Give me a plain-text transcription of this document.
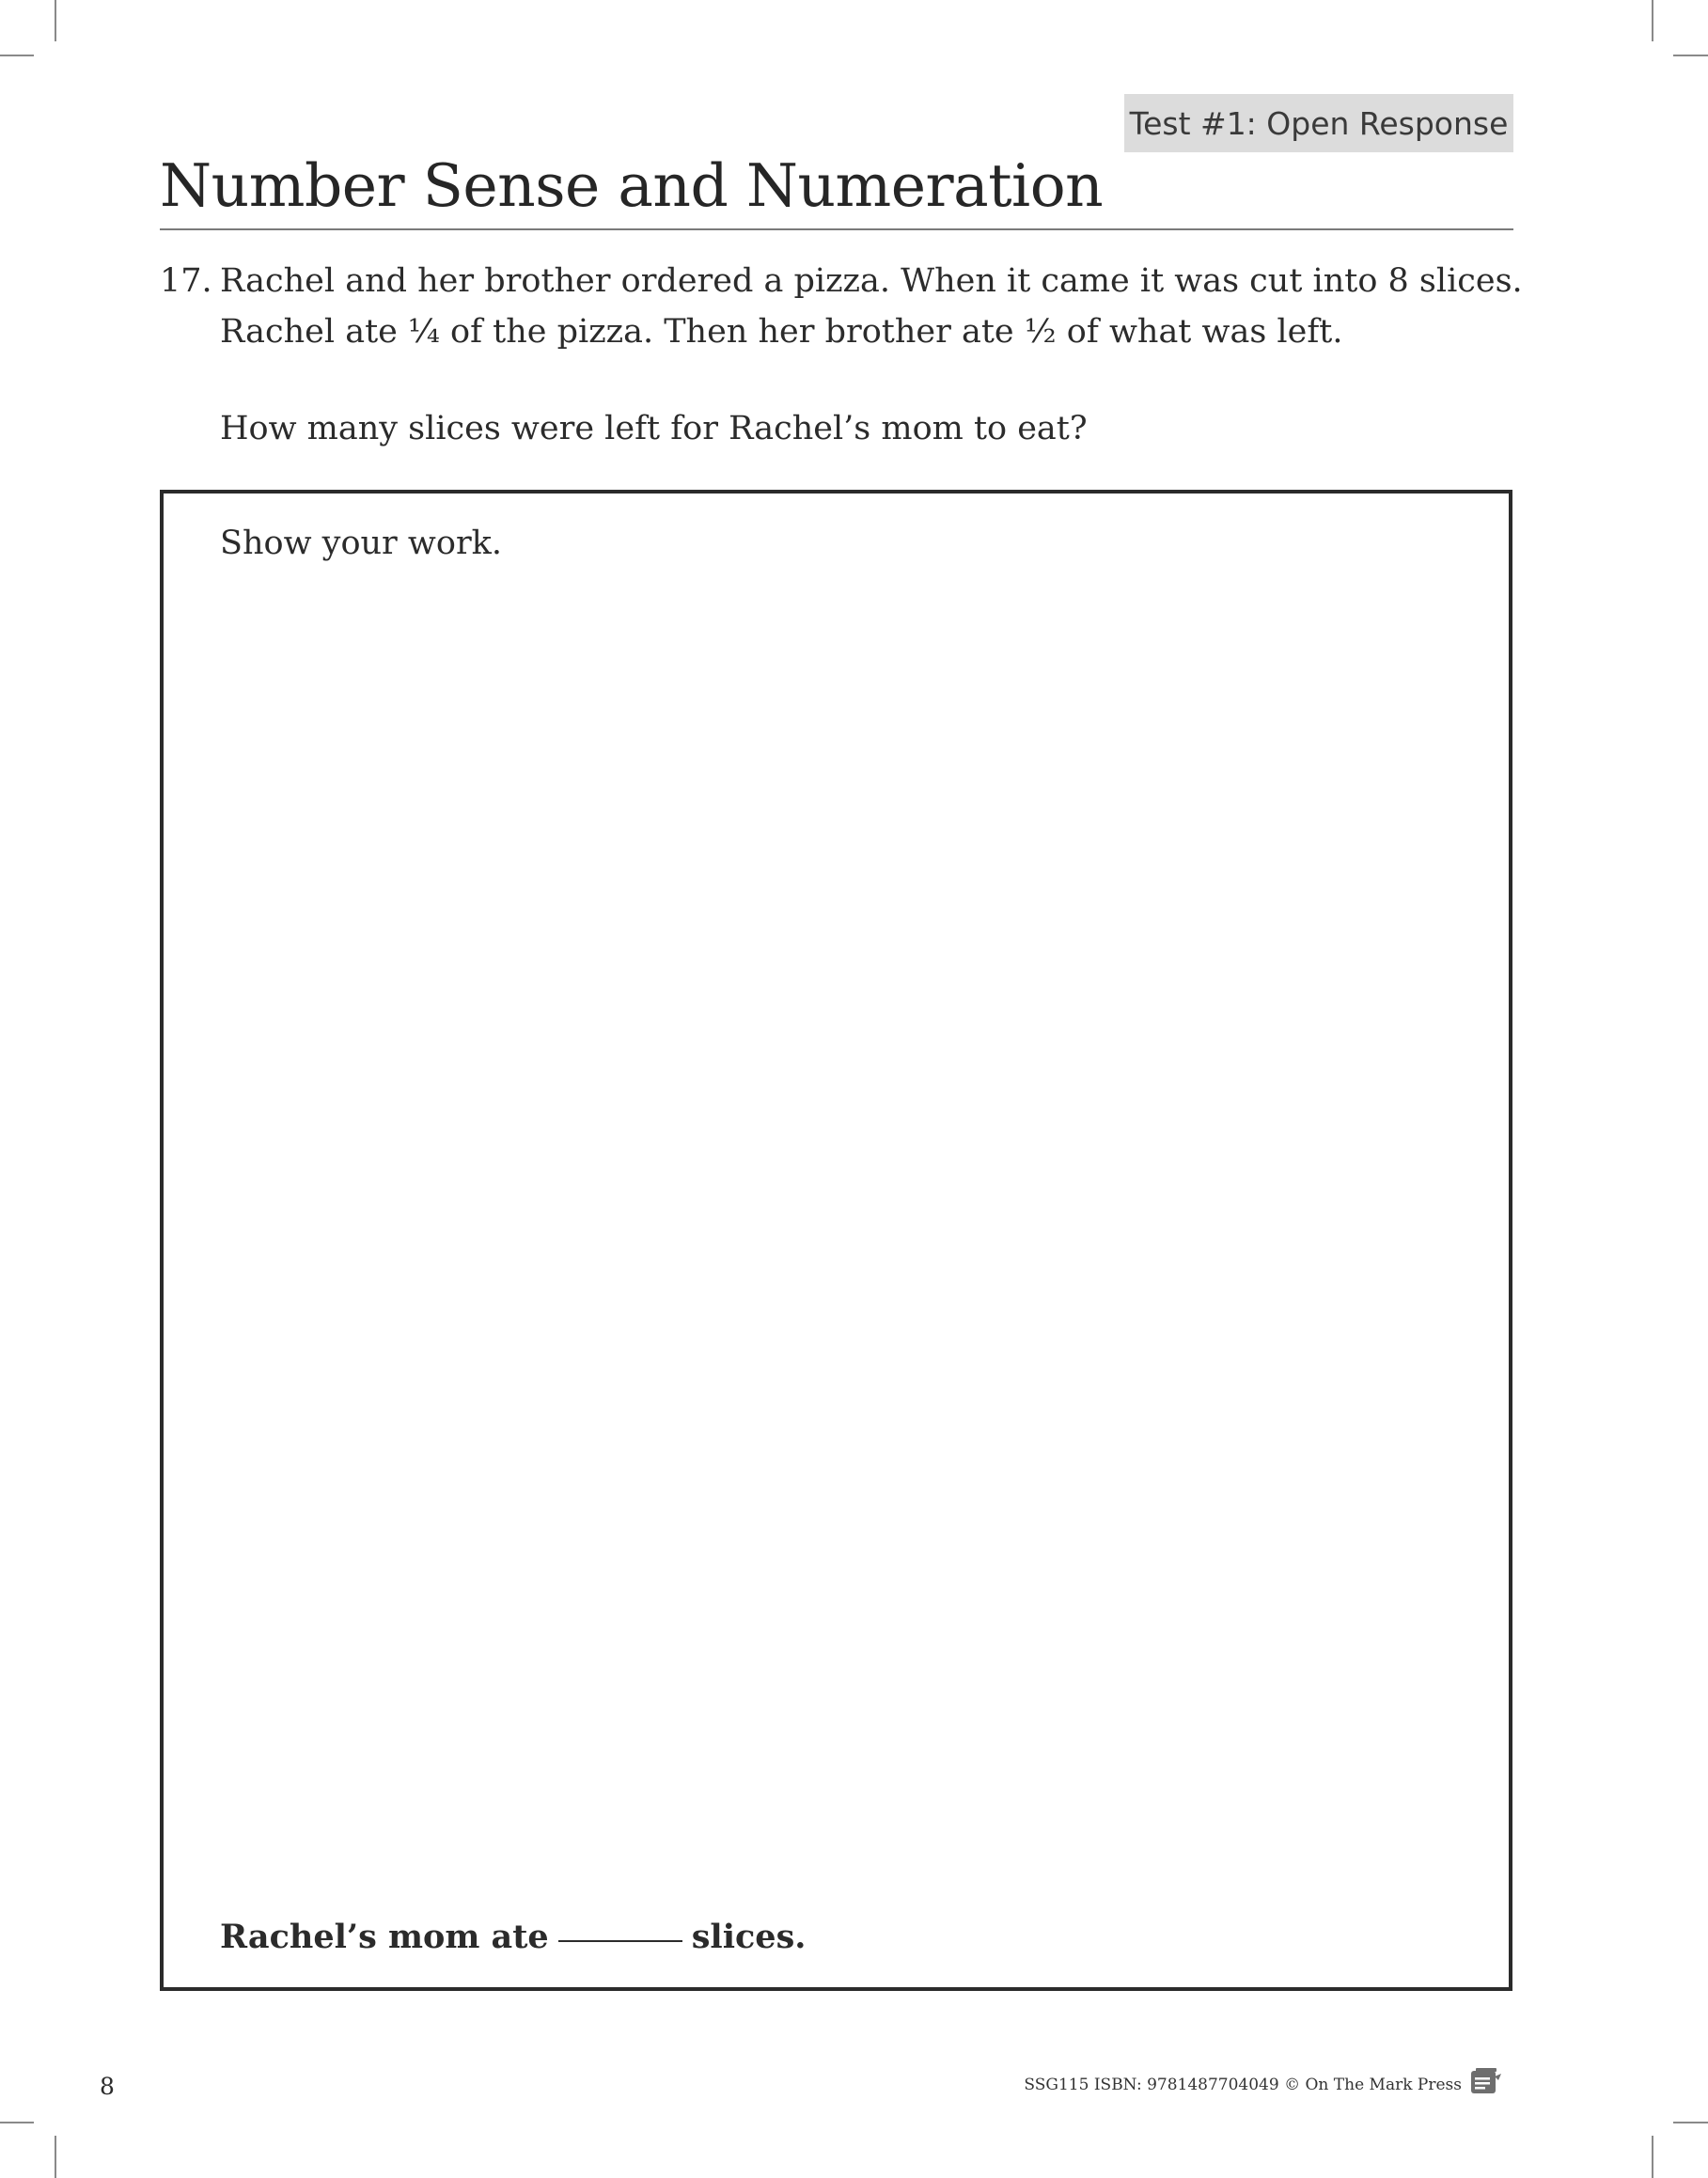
Test #1: Open Response
Number Sense and Numeration
17. Rachel and her brother ordered a pizza. When it came it was cut into 8 slices.
Rachel ate ¼ of the pizza. Then her brother ate ½ of what was left.
How many slices were left for Rachel’s mom to eat?
Show your work.
Rachel’s mom ate	slices.
8	SSG115 ISBN: 9781487704049 © On The Mark Press
